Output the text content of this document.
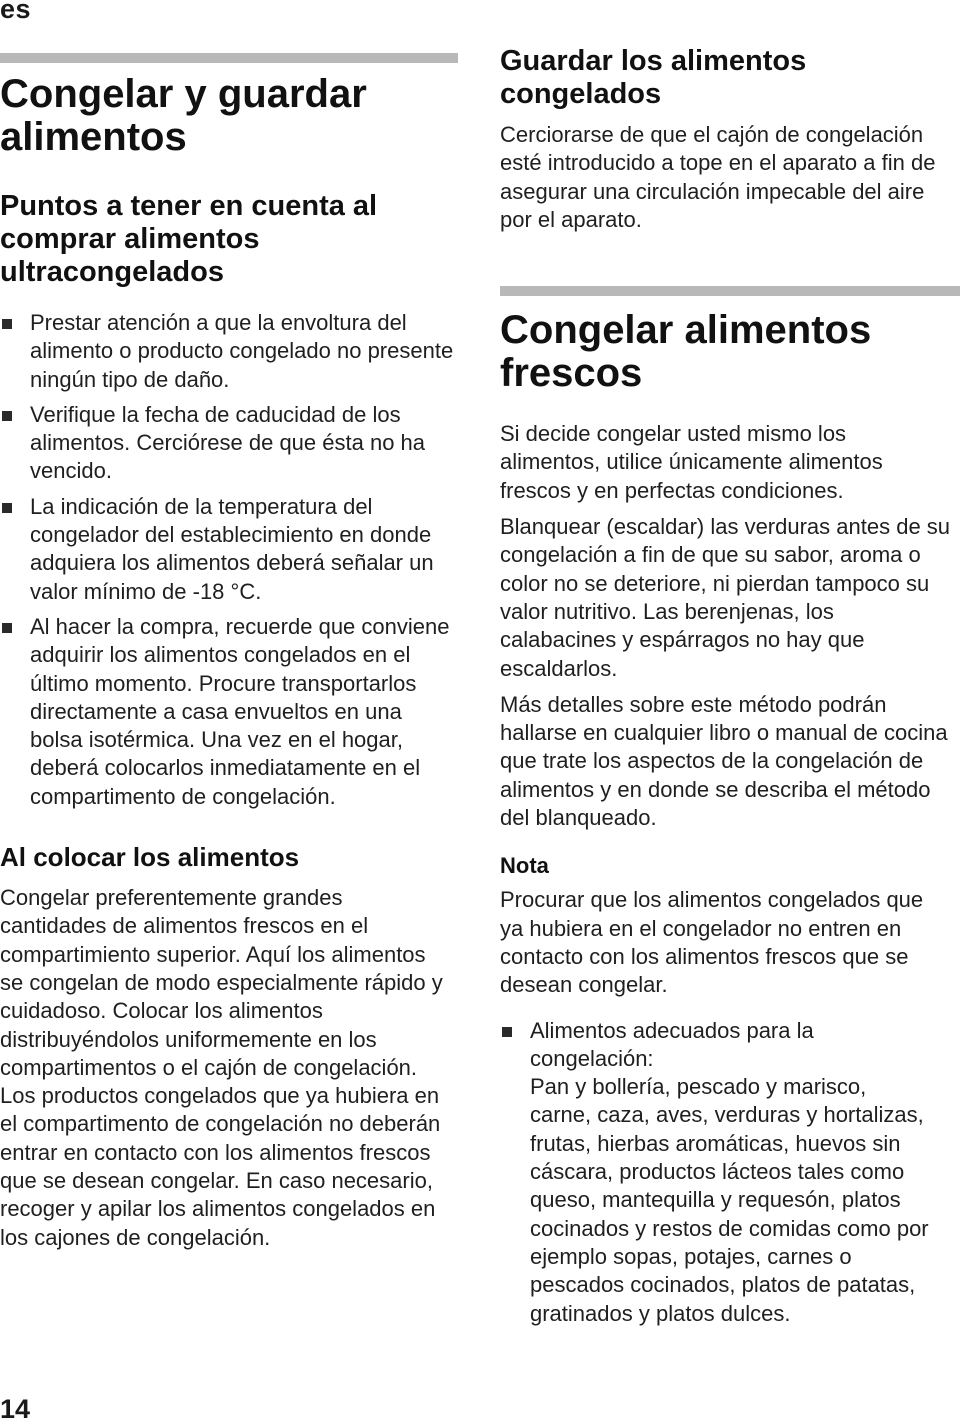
es
Congelar y guardar alimentos
Puntos a tener en cuenta al comprar alimentos ultracongelados
Prestar atención a que la envoltura del alimento o producto congelado no presente ningún tipo de daño.
Verifique la fecha de caducidad de los alimentos. Cerciórese de que ésta no ha vencido.
La indicación de la temperatura del congelador del establecimiento en donde adquiera los alimentos deberá señalar un valor mínimo de -18 °C.
Al hacer la compra, recuerde que conviene adquirir los alimentos congelados en el último momento. Procure transportarlos directamente a casa envueltos en una bolsa isotérmica. Una vez en el hogar, deberá colocarlos inmediatamente en el compartimento de congelación.
Al colocar los alimentos

Congelar preferentemente grandes cantidades de alimentos frescos en el compartimiento superior. Aquí los alimentos se congelan de modo especialmente rápido y cuidadoso. Colocar los alimentos distribuyéndolos uniformemente en los compartimentos o el cajón de congelación. Los productos congelados que ya hubiera en el compartimento de congelación no deberán entrar en contacto con los alimentos frescos que se desean congelar. En caso necesario, recoger y apilar los alimentos congelados en los cajones de congelación.

Guardar los alimentos congelados

Cerciorarse de que el cajón de congelación esté introducido a tope en el aparato a fin de asegurar una circulación impecable del aire por el aparato.

Congelar alimentos frescos

Si decide congelar usted mismo los alimentos, utilice únicamente alimentos frescos y en perfectas condiciones.

Blanquear (escaldar) las verduras antes de su congelación a fin de que su sabor, aroma o color no se deteriore, ni pierdan tampoco su valor nutritivo. Las berenjenas, los calabacines y espárragos no hay que escaldarlos.

Más detalles sobre este método podrán hallarse en cualquier libro o manual de cocina que trate los aspectos de la congelación de alimentos y en donde se describa el método del blanqueado.

Nota

Procurar que los alimentos congelados que ya hubiera en el congelador no entren en contacto con los alimentos frescos que se desean congelar.

Alimentos adecuados para la congelación:
Pan y bollería, pescado y marisco, carne, caza, aves, verduras y hortalizas, frutas, hierbas aromáticas, huevos sin cáscara, productos lácteos tales como queso, mantequilla y requesón, platos cocinados y restos de comidas como por ejemplo sopas, potajes, carnes o pescados cocinados, platos de patatas, gratinados y platos dulces.
14
